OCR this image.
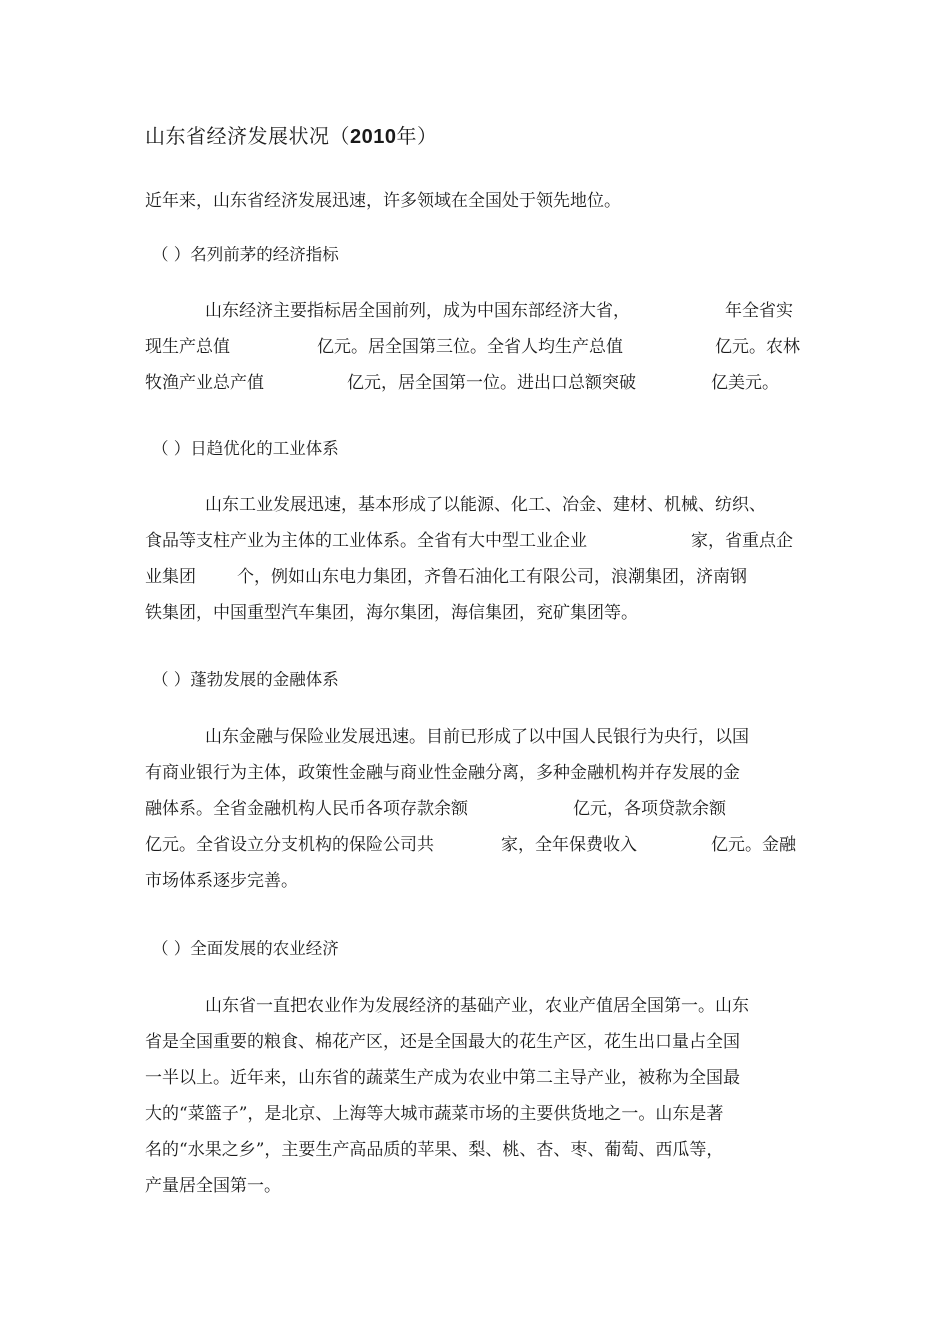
山东省经济发展状况（2010年）
近年来，山东省经济发展迅速，许多领域在全国处于领先地位。
（ ）名列前茅的经济指标
山东经济主要指标居全国前列，成为中国东部经济大省，	年全省实
现生产总值	亿元。居全国第三位。全省人均生产总值	亿元。农林
牧渔产业总产值	亿元，居全国第一位。进出口总额突破	亿美元。
（ ）日趋优化的工业体系
山东工业发展迅速，基本形成了以能源、化工、冶金、建材、机械、纺织、
食品等支柱产业为主体的工业体系。全省有大中型工业企业	家，省重点企
业集团 个，例如山东电力集团，齐鲁石油化工有限公司，浪潮集团，济南钢
铁集团，中国重型汽车集团，海尔集团，海信集团，兖矿集团等。
（ ）蓬勃发展的金融体系
山东金融与保险业发展迅速。目前已形成了以中国人民银行为央行，以国
有商业银行为主体，政策性金融与商业性金融分离，多种金融机构并存发展的金
融体系。全省金融机构人民币各项存款余额	亿元，各项贷款余额
亿元。全省设立分支机构的保险公司共	家，全年保费收入	亿元。金融
市场体系逐步完善。
（ ）全面发展的农业经济
山东省一直把农业作为发展经济的基础产业，农业产值居全国第一。山东
省是全国重要的粮食、棉花产区，还是全国最大的花生产区，花生出口量占全国
一半以上。近年来，山东省的蔬菜生产成为农业中第二主导产业，被称为全国最
大的“菜篮子”，是北京、上海等大城市蔬菜市场的主要供货地之一。山东是著
名的“水果之乡”，主要生产高品质的苹果、梨、桃、杏、枣、葡萄、西瓜等，
产量居全国第一。
